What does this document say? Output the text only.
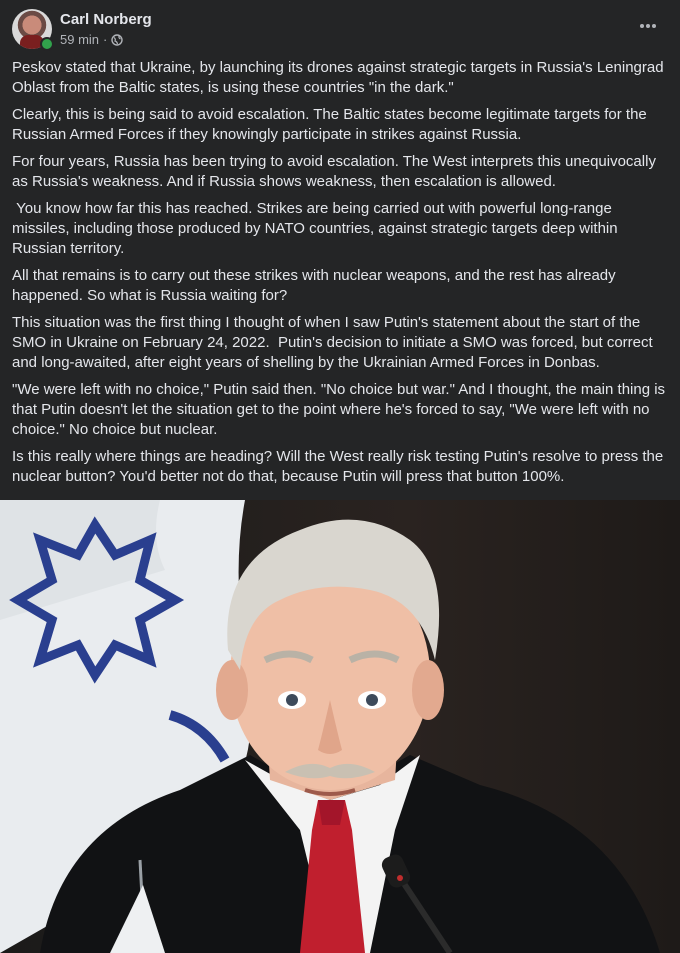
Carl Norberg
59 min ·

Peskov stated that Ukraine, by launching its drones against strategic targets in Russia's Leningrad Oblast from the Baltic states, is using these countries "in the dark."

Clearly, this is being said to avoid escalation. The Baltic states become legitimate targets for the Russian Armed Forces if they knowingly participate in strikes against Russia.

For four years, Russia has been trying to avoid escalation. The West interprets this unequivocally as Russia's weakness. And if Russia shows weakness, then escalation is allowed.

You know how far this has reached. Strikes are being carried out with powerful long-range missiles, including those produced by NATO countries, against strategic targets deep within Russian territory.

All that remains is to carry out these strikes with nuclear weapons, and the rest has already happened. So what is Russia waiting for?

This situation was the first thing I thought of when I saw Putin's statement about the start of the SMO in Ukraine on February 24, 2022.  Putin's decision to initiate a SMO was forced, but correct and long-awaited, after eight years of shelling by the Ukrainian Armed Forces in Donbas.

"We were left with no choice," Putin said then. "No choice but war." And I thought, the main thing is that Putin doesn't let the situation get to the point where he's forced to say, "We were left with no choice." No choice but nuclear.

Is this really where things are heading? Will the West really risk testing Putin's resolve to press the nuclear button? You'd better not do that, because Putin will press that button 100%.
